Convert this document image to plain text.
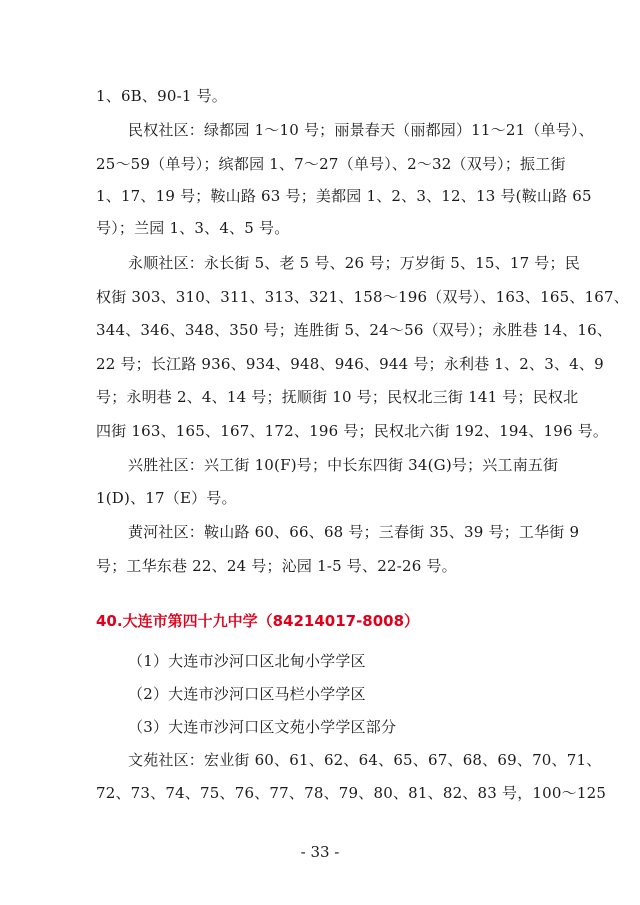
1、6B、90-1 号。
民权社区：绿都园 1～10 号；丽景春天（丽都园）11～21（单号）、
25～59（单号）；缤都园 1、7～27（单号）、2～32（双号）；振工街
1、17、19 号；鞍山路 63 号；美都园 1、2、3、12、13 号(鞍山路 65
号）；兰园 1、3、4、5 号。
永顺社区：永长街 5、老 5 号、26 号；万岁街 5、15、17 号；民
权街 303、310、311、313、321、158～196（双号）、163、165、167、
344、346、348、350 号；连胜街 5、24～56（双号）；永胜巷 14、16、
22 号；长江路 936、934、948、946、944 号；永利巷 1、2、3、4、9
号；永明巷 2、4、14 号；抚顺街 10 号；民权北三街 141 号；民权北
四街 163、165、167、172、196 号；民权北六街 192、194、196 号。
兴胜社区：兴工街 10(F)号；中长东四街 34(G)号；兴工南五街
1(D)、17（E）号。
黄河社区：鞍山路 60、66、68 号；三春街 35、39 号；工华街 9
号；工华东巷 22、24 号；沁园 1-5 号、22-26 号。
40.大连市第四十九中学（84214017-8008）
（1）大连市沙河口区北甸小学学区
（2）大连市沙河口区马栏小学学区
（3）大连市沙河口区文苑小学学区部分
文苑社区：宏业街 60、61、62、64、65、67、68、69、70、71、
72、73、74、75、76、77、78、79、80、81、82、83 号，100～125
- 33 -
